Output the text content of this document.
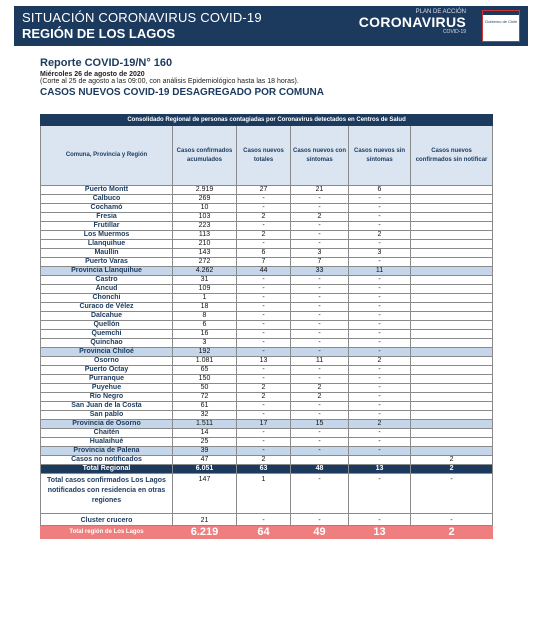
SITUACIÓN CORONAVIRUS COVID-19
REGIÓN DE LOS LAGOS
PLAN DE ACCIÓN
CORONAVIRUS
COVID-19
Gobierno de Chile
Reporte COVID-19/N° 160
Miércoles 26 de agosto de 2020
(Corte al 25 de agosto a las 09:00, con análisis Epidemiológico hasta las 18 horas).
CASOS NUEVOS COVID-19 DESAGREGADO POR COMUNA
Consolidado Regional de personas contagiadas por Coronavirus detectados en Centros de Salud					
Comuna, Provincia y Región	Casos confirmados acumulados	Casos nuevos totales	Casos nuevos con síntomas	Casos nuevos sin síntomas	Casos nuevos confirmados sin notificar
Puerto Montt	2.919	27	21	6	
Calbuco	269	-	-	-	
Cochamó	10	-	-	-	
Fresia	103	2	2	-	
Frutillar	223	-	-	-	
Los Muermos	113	2	-	2	
Llanquihue	210	-	-	-	
Maullín	143	6	3	3	
Puerto Varas	272	7	7	-	
Provincia Llanquihue	4.262	44	33	11	
Castro	31	-	-	-	
Ancud	109	-	-	-	
Chonchi	1	-	-	-	
Curaco de Vélez	18	-	-	-	
Dalcahue	8	-	-	-	
Quellón	6	-	-	-	
Quemchi	16	-	-	-	
Quinchao	3	-	-	-	
Provincia Chiloé	192	-	-	-	
Osorno	1.081	13	11	2	
Puerto Octay	65	-	-	-	
Purranque	150	-	-	-	
Puyehue	50	2	2	-	
Río Negro	72	2	2	-	
San Juan de la Costa	61	-	-	-	
San pablo	32	-	-	-	
Provincia de Osorno	1.511	17	15	2	
Chaitén	14	-	-	-	
Hualaihué	25	-	-	-	
Provincia de Palena	39	-	-	-	
Casos no notificados	47	2			2
Total Regional	6.051	63	48	13	2
Total casos confirmados Los Lagos notificados con residencia en otras regiones	147	1	-	-	-
Cluster crucero	21	-	-	-	-
Total región de Los Lagos	6.219	64	49	13	2
